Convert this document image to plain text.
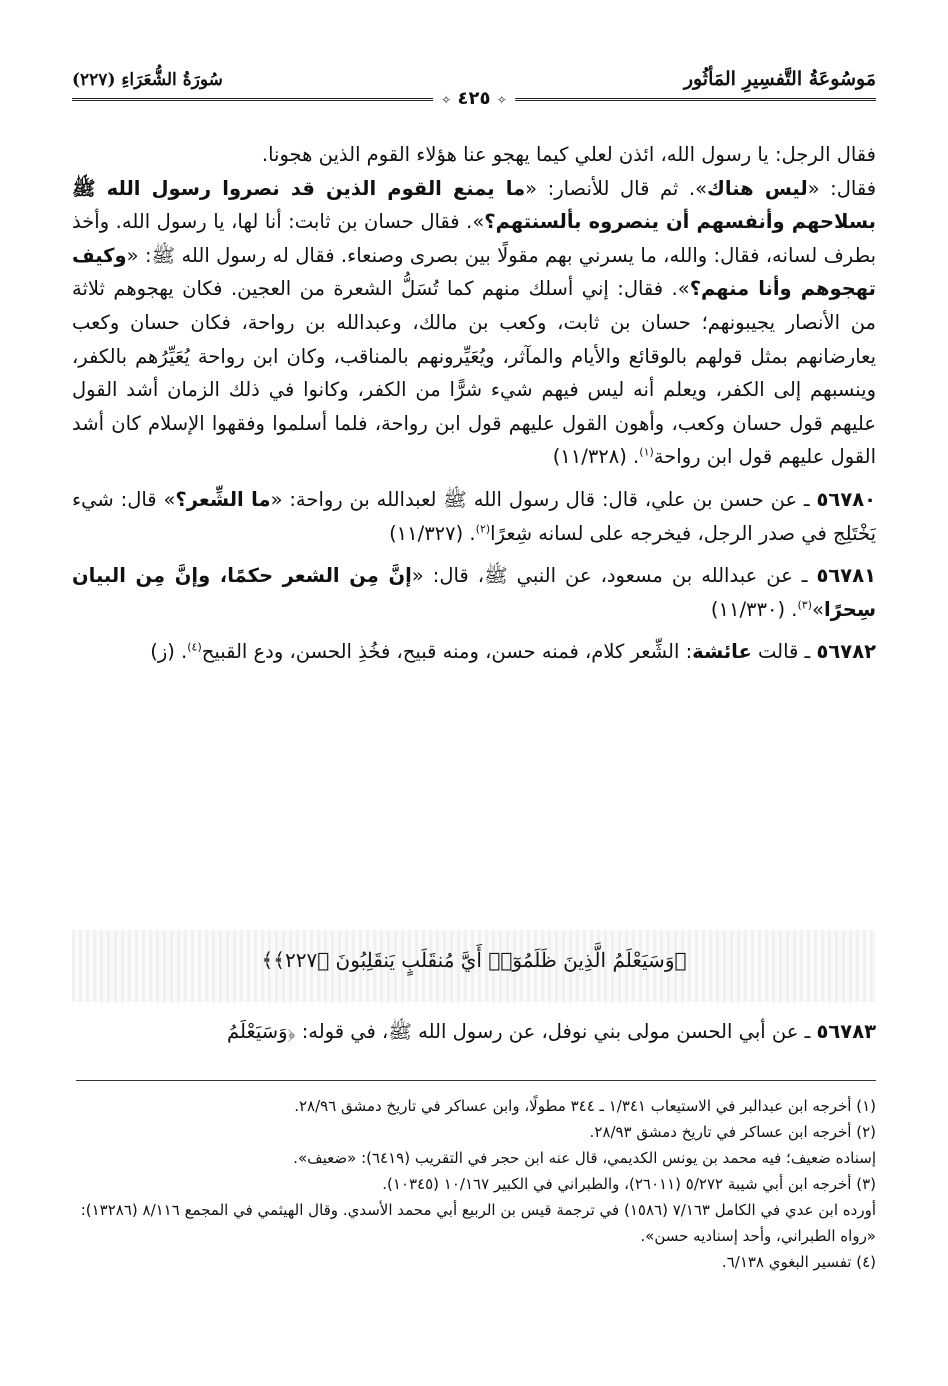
مَوسُوعَةُ التَّفسِيرِ المَأثُور
سُورَةُ الشُّعَرَاءِ (٢٢٧)
✧ ٤٢٥ ✧

فقال الرجل: يا رسول الله، ائذن لعلي كيما يهجو عنا هؤلاء القوم الذين هجونا.

فقال: «ليس هناك». ثم قال للأنصار: «ما يمنع القوم الذين قد نصروا رسول الله ﷺ بسلاحهم وأنفسهم أن ينصروه بألسنتهم؟». فقال حسان بن ثابت: أنا لها، يا رسول الله. وأخذ بطرف لسانه، فقال: والله، ما يسرني بهم مقولًا بين بصرى وصنعاء. فقال له رسول الله ﷺ: «وكيف تهجوهم وأنا منهم؟». فقال: إني أسلك منهم كما تُسَلُّ الشعرة من العجين. فكان يهجوهم ثلاثة من الأنصار يجيبونهم؛ حسان بن ثابت، وكعب بن مالك، وعبدالله بن رواحة، فكان حسان وكعب يعارضانهم بمثل قولهم بالوقائع والأيام والمآثر، ويُعَيِّرونهم بالمناقب، وكان ابن رواحة يُعَيِّرُهم بالكفر، وينسبهم إلى الكفر، ويعلم أنه ليس فيهم شيء شرًّا من الكفر، وكانوا في ذلك الزمان أشد القول عليهم قول حسان وكعب، وأهون القول عليهم قول ابن رواحة، فلما أسلموا وفقهوا الإسلام كان أشد القول عليهم قول ابن رواحة$^{(١)}$. (١١/٣٢٨)

٥٦٧٨٠ ـ عن حسن بن علي، قال: قال رسول الله ﷺ لعبدالله بن رواحة: «ما الشِّعر؟» قال: شيء يَخْتَلِج في صدر الرجل، فيخرجه على لسانه شِعرًا$^{(٢)}$. (١١/٣٢٧)

٥٦٧٨١ ـ عن عبدالله بن مسعود، عن النبي ﷺ، قال: «إنَّ مِن الشعر حكمًا، وإنَّ مِن البيان سِحرًا»$^{(٣)}$. (١١/٣٣٠)

٥٦٧٨٢ ـ قالت عائشة: الشِّعر كلام، فمنه حسن، ومنه قبيح، فخُذِ الحسن، ودع القبيح$^{(٤)}$. (ز)

﴿وَسَيَعْلَمُ الَّذِينَ ظَلَمُوٓا۟ أَيَّ مُنقَلَبٍ يَنقَلِبُونَ ﴿٢٢٧﴾﴾
٥٦٧٨٣ ـ عن أبي الحسن مولى بني نوفل، عن رسول الله ﷺ، في قوله: ﴿وَسَيَعْلَمُ

(١) أخرجه ابن عبدالبر في الاستيعاب ١/٣٤١ ـ ٣٤٤ مطولًا، وابن عساكر في تاريخ دمشق ٢٨/٩٦.

(٢) أخرجه ابن عساكر في تاريخ دمشق ٢٨/٩٣.

إسناده ضعيف؛ فيه محمد بن يونس الكديمي، قال عنه ابن حجر في التقريب (٦٤١٩): «ضعيف».

(٣) أخرجه ابن أبي شيبة ٥/٢٧٢ (٢٦٠١١)، والطبراني في الكبير ١٠/١٦٧ (١٠٣٤٥).

أورده ابن عدي في الكامل ٧/١٦٣ (١٥٨٦) في ترجمة قيس بن الربيع أبي محمد الأسدي. وقال الهيثمي في المجمع ٨/١١٦ (١٣٢٨٦): «رواه الطبراني، وأحد إسناديه حسن».

(٤) تفسير البغوي ٦/١٣٨.
